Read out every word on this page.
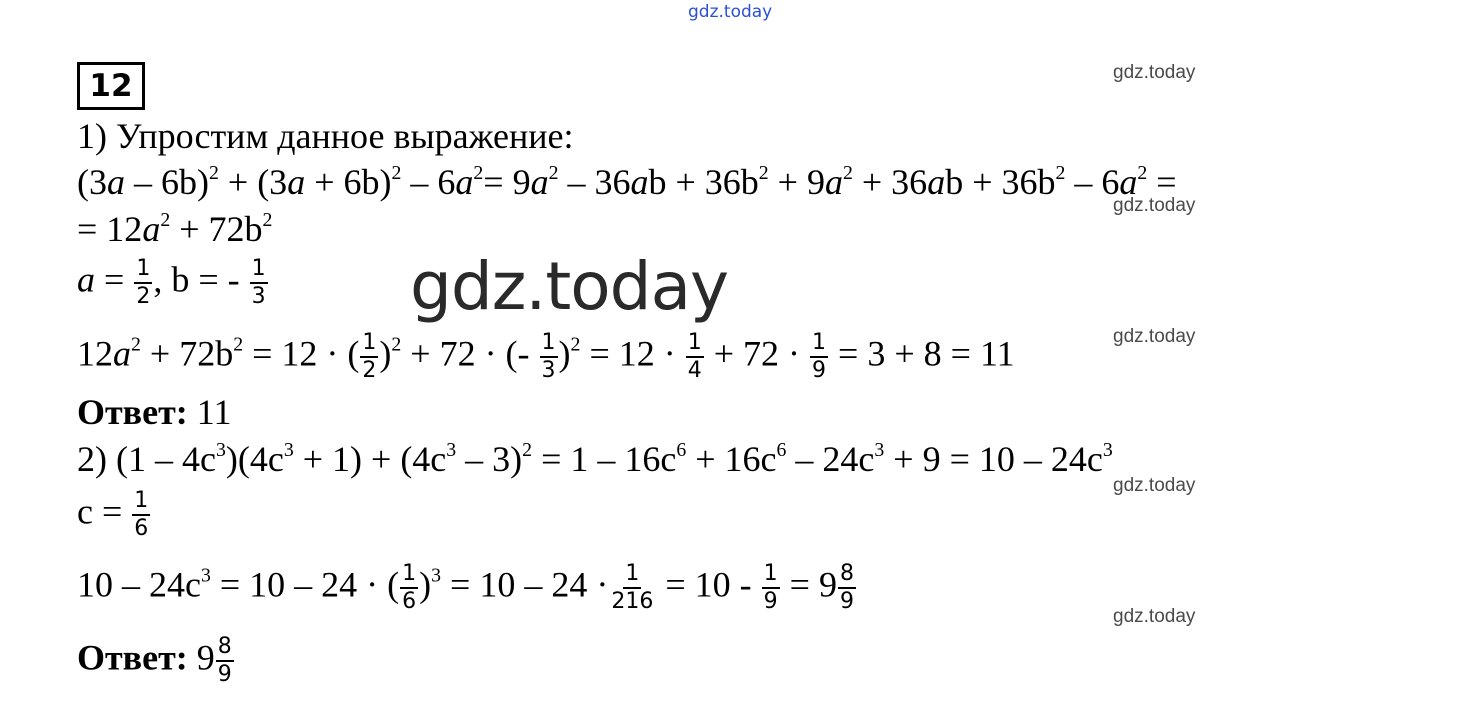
gdz.today
gdz.today
gdz.today
gdz.today
gdz.today
gdz.today
12
1) Упростим данное выражение:
$(3a - 6b)^2 + (3a + 6b)^2 - 6a^2= 9a^2 - 36ab + 36b^2 + 9a^2 + 36ab + 36b^2 - 6a^2$ =
= $12a^2 + 72b^2$
$a = \frac{1}{2}$ , b = - $\frac{1}{3}$
$12a^2 + 72b^2 = 12$ · ( $\frac{1}{2} )^2 + 72$ · (- $\frac{1}{3} )^2 = 12 \cdot \frac{1}{4} + 72 \cdot \frac{1}{9} = 3 + 8 = 11$
Ответ: 11
2) $(1 - 4c^3)(4c^3 + 1) + (4c^3 - 3)^2 = 1 - 16c^6 + 16c^6 - 24c^3 + 9 = 10 - 24c^3$
$c = \frac{1}{6}$
$10 - 24c^3 = 10 - 24$ · ( $\frac{1}{6} )^3 = 10 - 24 \cdot \frac{1}{216} = 10 - \frac{1}{9} = 9 \frac{8}{9}$
Ответ: $9 \frac{8}{9}$
gdz.today
